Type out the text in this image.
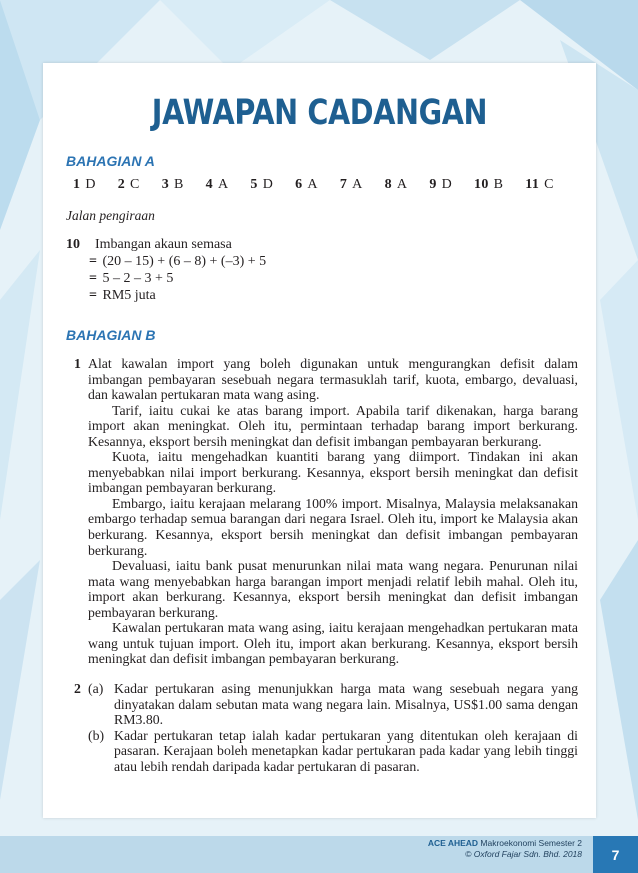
JAWAPAN CADANGAN
BAHAGIAN A
1 D 2 C 3 B 4 A 5 D 6 A 7 A 8 A 9 D 10 B 11 C
Jalan pengiraan
10	Imbangan akaun semasa
= (20 – 15) + (6 – 8) + (–3) + 5
= 5 – 2 – 3 + 5
= RM5 juta
BAHAGIAN B
1 Alat kawalan import yang boleh digunakan untuk mengurangkan defisit dalam imbangan pembayaran sesebuah negara termasuklah tarif, kuota, embargo, devaluasi, dan kawalan pertukaran mata wang asing.

Tarif, iaitu cukai ke atas barang import. Apabila tarif dikenakan, harga barang import akan meningkat. Oleh itu, permintaan terhadap barang import berkurang. Kesannya, eksport bersih meningkat dan defisit imbangan pembayaran berkurang.

Kuota, iaitu mengehadkan kuantiti barang yang diimport. Tindakan ini akan menyebabkan nilai import berkurang. Kesannya, eksport bersih meningkat dan defisit imbangan pembayaran berkurang.

Embargo, iaitu kerajaan melarang 100% import. Misalnya, Malaysia melaksanakan embargo terhadap semua barangan dari negara Israel. Oleh itu, import ke Malaysia akan berkurang. Kesannya, eksport bersih meningkat dan defisit imbangan pembayaran berkurang.

Devaluasi, iaitu bank pusat menurunkan nilai mata wang negara. Penurunan nilai mata wang menyebabkan harga barangan import menjadi relatif lebih mahal. Oleh itu, import akan berkurang. Kesannya, eksport bersih meningkat dan defisit imbangan pembayaran berkurang.

Kawalan pertukaran mata wang asing, iaitu kerajaan mengehadkan pertukaran mata wang untuk tujuan import. Oleh itu, import akan berkurang. Kesannya, eksport bersih meningkat dan defisit imbangan pembayaran berkurang.

2 (a) Kadar pertukaran asing menunjukkan harga mata wang sesebuah negara yang dinyatakan dalam sebutan mata wang negara lain. Misalnya, US$1.00 sama dengan RM3.80.
(b) Kadar pertukaran tetap ialah kadar pertukaran yang ditentukan oleh kerajaan di pasaran. Kerajaan boleh menetapkan kadar pertukaran pada kadar yang lebih tinggi atau lebih rendah daripada kadar pertukaran di pasaran.
ACE AHEAD Makroekonomi Semester 2
© Oxford Fajar Sdn. Bhd. 2018	7
